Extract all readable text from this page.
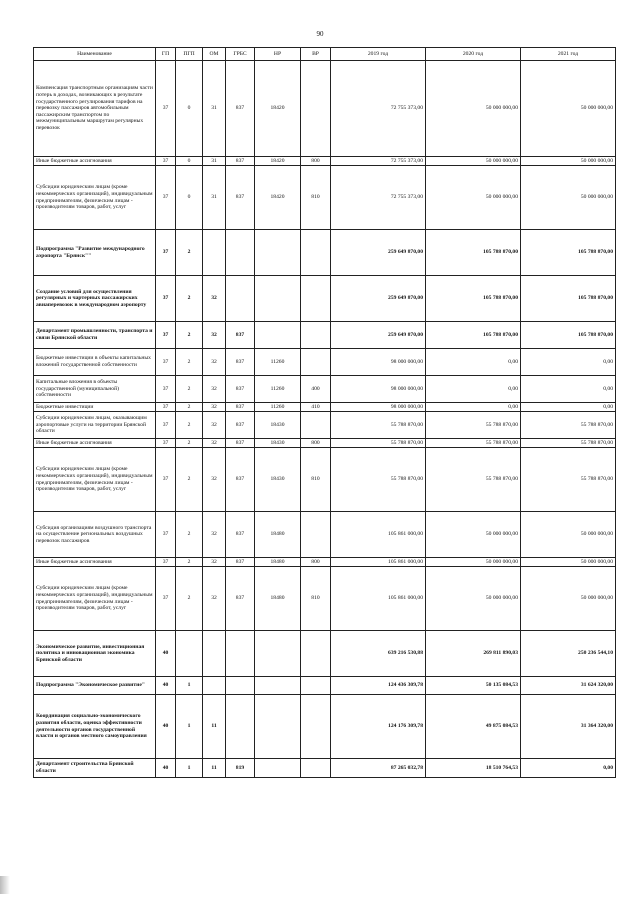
90
Наименование	ГП	ПГП	ОМ	ГРБС	НР	ВР	2019 год	2020 год	2021 год
Компенсация транспортным организациям части потерь в доходах, возникающих в результате государственного регулирования тарифов на перевозку пассажиров автомобильным пассажирским транспортом по межмуниципальным маршрутам регулярных перевозок	37	0	31	837	18420		72 755 373,00	50 000 000,00	50 000 000,00
Иные бюджетные ассигнования	37	0	31	837	18420	800	72 755 373,00	50 000 000,00	50 000 000,00
Субсидии юридическим лицам (кроме некоммерческих организаций), индивидуальным предпринимателям, физическим лицам - производителям товаров, работ, услуг	37	0	31	837	18420	810	72 755 373,00	50 000 000,00	50 000 000,00
Подпрограмма "Развитие международного аэропорта "Брянск""	37	2					259 649 870,00	105 788 870,00	105 788 870,00
Создание условий для осуществления регулярных и чартерных пассажирских авиаперевозок в международном аэропорту	37	2	32				259 649 870,00	105 788 870,00	105 788 870,00
Департамент промышленности, транспорта и связи Брянской области	37	2	32	837			259 649 870,00	105 788 870,00	105 788 870,00
Бюджетные инвестиции в объекты капитальных вложений государственной собственности	37	2	32	837	11260		98 000 000,00	0,00	0,00
Капитальные вложения в объекты государственной (муниципальной) собственности	37	2	32	837	11260	400	98 000 000,00	0,00	0,00
Бюджетные инвестиции	37	2	32	837	11260	410	98 000 000,00	0,00	0,00
Субсидии юридическим лицам, оказывающим аэропортовые услуги на территории Брянской области	37	2	32	837	18430		55 788 870,00	55 788 870,00	55 788 870,00
Иные бюджетные ассигнования	37	2	32	837	18430	800	55 788 870,00	55 788 870,00	55 788 870,00
Субсидии юридическим лицам (кроме некоммерческих организаций), индивидуальным предпринимателям, физическим лицам - производителям товаров, работ, услуг	37	2	32	837	18430	810	55 788 870,00	55 788 870,00	55 788 870,00
Субсидия организациям воздушного транспорта на осуществление региональных воздушных перевозок пассажиров	37	2	32	837	18480		105 861 000,00	50 000 000,00	50 000 000,00
Иные бюджетные ассигнования	37	2	32	837	18480	800	105 861 000,00	50 000 000,00	50 000 000,00
Субсидии юридическим лицам (кроме некоммерческих организаций), индивидуальным предпринимателям, физическим лицам - производителям товаров, работ, услуг	37	2	32	837	18480	810	105 861 000,00	50 000 000,00	50 000 000,00
Экономическое развитие, инвестиционная политика и инновационная экономика Брянской области	40						639 216 530,88	269 811 890,03	250 236 544,10
Подпрограмма "Экономическое развитие"	40	1					124 436 309,78	50 135 084,53	31 624 320,00
Координация социально-экономического развития области, оценка эффективности деятельности органов государственной власти и органов местного самоуправления	40	1	11				124 176 309,78	49 875 084,53	31 364 320,00
Департамент строительства Брянской области	40	1	11	819			87 265 032,78	18 510 764,53	0,00
